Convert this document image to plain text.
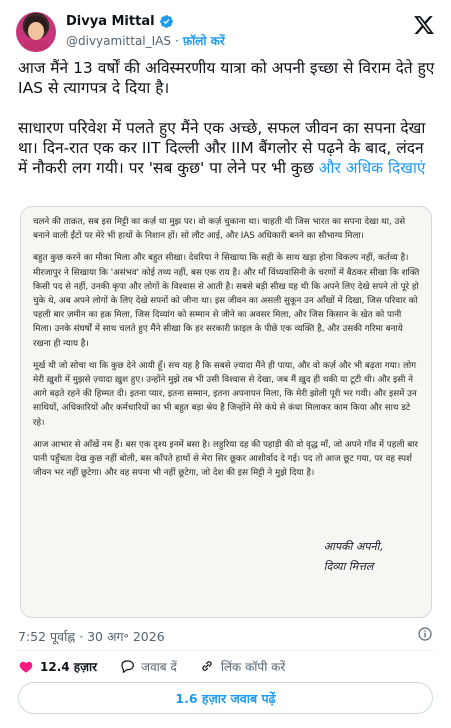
Divya Mittal
@divyamittal_IAS · फ़ॉलो करें

आज मैंने 13 वर्षों की अविस्मरणीय यात्रा को अपनी इच्छा से विराम देते हुए IAS से त्यागपत्र दे दिया है।

साधारण परिवेश में पलते हुए मैंने एक अच्छे, सफल जीवन का सपना देखा था। दिन-रात एक कर IIT दिल्ली और IIM बैंगलोर से पढ़ने के बाद, लंदन में नौकरी लग गयी। पर 'सब कुछ' पा लेने पर भी कुछ और अधिक दिखाएं

चलने की ताक़त, सब इस मिट्टी का कर्ज़ था मुझ पर। वो कर्ज़ चुकाना था। चाहती थी जिस भारत का सपना देखा था, उसे बनाने वाली ईंटों पर मेरे भी हाथों के निशान हों। सो लौट आई, और IAS अधिकारी बनने का सौभाग्य मिला।

बहुत कुछ करने का मौका मिला और बहुत सीखा। देवरिया ने सिखाया कि सही के साथ खड़ा होना विकल्प नहीं, कर्तव्य है। मीरजापुर ने सिखाया कि 'असंभव' कोई तथ्य नहीं, बस एक राय है। और माँ विंध्यवासिनी के चरणों में बैठकर सीखा कि शक्ति किसी पद से नहीं, उनकी कृपा और लोगों के विश्वास से आती है। सबसे बड़ी सीख यह थी कि अपने लिए देखे सपने तो पूरे हो चुके थे, अब अपने लोगों के लिए देखे सपनों को जीना था। इस जीवन का असली सुकून उन आँखों में दिखा, जिस परिवार को पहली बार ज़मीन का हक़ मिला, जिस दिव्यांग को सम्मान से जीने का अवसर मिला, और जिस किसान के खेत को पानी मिला। उनके संघर्षों में साथ चलते हुए मैंने सीखा कि हर सरकारी फ़ाइल के पीछे एक व्यक्ति है, और उसकी गरिमा बनाये रखना ही न्याय है।

मूर्ख थी जो सोचा था कि कुछ देने आयी हूँ। सच यह है कि सबसे ज़्यादा मैंने ही पाया, और वो कर्ज़ और भी बढ़ता गया। लोग मेरी ख़ुशी में मुझसे ज़्यादा ख़ुश हुए। उन्होंने मुझे तब भी उसी विश्वास से देखा, जब मैं ख़ुद ही थकी या टूटी थी। और इसी ने आगे बढ़ते रहने की हिम्मत दी। इतना प्यार, इतना सम्मान, इतना अपनापन मिला, कि मेरी झोली पूरी भर गयी। और इसमें उन साथियों, अधिकारियों और कर्मचारियों का भी बहुत बड़ा श्रेय है जिन्होंने मेरे कंधे से कंधा मिलाकर काम किया और साथ डटे रहे।

आज आभार से आँखें नम हैं। बस एक दृश्य इनमें बसा है। लहुरिया दह की पहाड़ी की वो वृद्ध माँ, जो अपने गाँव में पहली बार पानी पहुँचता देख कुछ नहीं बोली, बस काँपते हाथों से मेरा सिर छूकर आशीर्वाद दे गई। पद तो आज छूट गया, पर वह स्पर्श जीवन भर नहीं छूटेगा। और वह सपना भी नहीं छूटेगा, जो देश की इस मिट्टी ने मुझे दिया है।

आपकी अपनी,
दिव्या मित्तल
7:52 पूर्वाह्न · 30 अग॰ 2026
12.4 हज़ार	जवाब दें	लिंक कॉपी करें
1.6 हज़ार जवाब पढ़ें
